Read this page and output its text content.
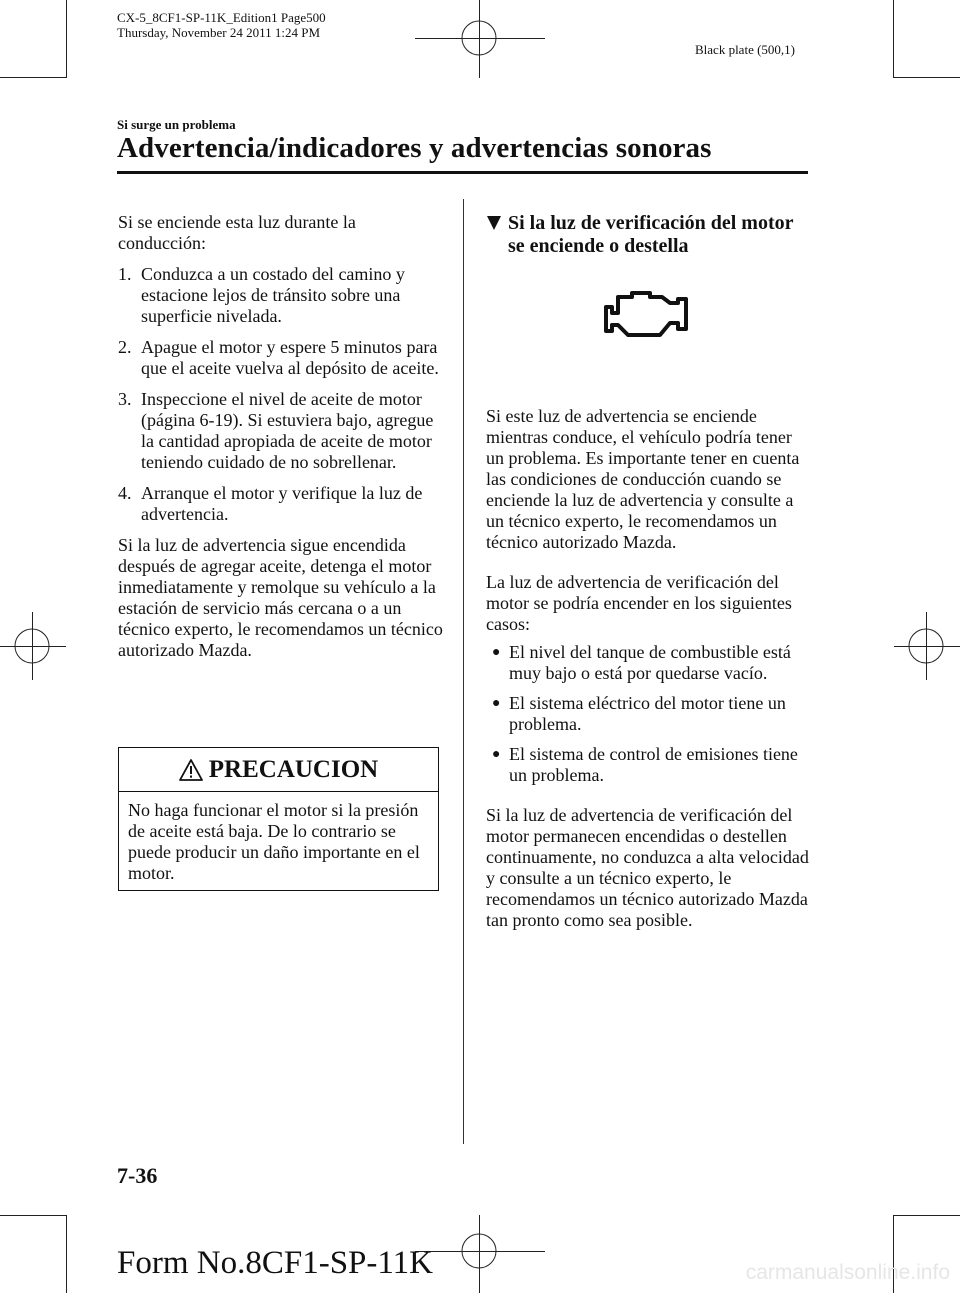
CX-5_8CF1-SP-11K_Edition1 Page500
Thursday, November 24 2011 1:24 PM
Black plate (500,1)
Si surge un problema
Advertencia/indicadores y advertencias sonoras

Si se enciende esta luz durante la conducción:

1. Conduzca a un costado del camino y estacione lejos de tránsito sobre una superficie nivelada.
2. Apague el motor y espere 5 minutos para que el aceite vuelva al depósito de aceite.
3. Inspeccione el nivel de aceite de motor (página 6-19). Si estuviera bajo, agregue la cantidad apropiada de aceite de motor teniendo cuidado de no sobrellenar.
4. Arranque el motor y verifique la luz de advertencia.

Si la luz de advertencia sigue encendida después de agregar aceite, detenga el motor inmediatamente y remolque su vehículo a la estación de servicio más cercana o a un técnico experto, le recomendamos un técnico autorizado Mazda.

PRECAUCION
No haga funcionar el motor si la presión de aceite está baja. De lo contrario se puede producir un daño importante en el motor.
Si la luz de verificación del motor se enciende o destella

Si este luz de advertencia se enciende mientras conduce, el vehículo podría tener un problema. Es importante tener en cuenta las condiciones de conducción cuando se enciende la luz de advertencia y consulte a un técnico experto, le recomendamos un técnico autorizado Mazda.

La luz de advertencia de verificación del motor se podría encender en los siguientes casos:

● El nivel del tanque de combustible está muy bajo o está por quedarse vacío.
● El sistema eléctrico del motor tiene un problema.
● El sistema de control de emisiones tiene un problema.

Si la luz de advertencia de verificación del motor permanecen encendidas o destellen continuamente, no conduzca a alta velocidad y consulte a un técnico experto, le recomendamos un técnico autorizado Mazda tan pronto como sea posible.

7-36
Form No.8CF1-SP-11K	carmanualsonline.info
